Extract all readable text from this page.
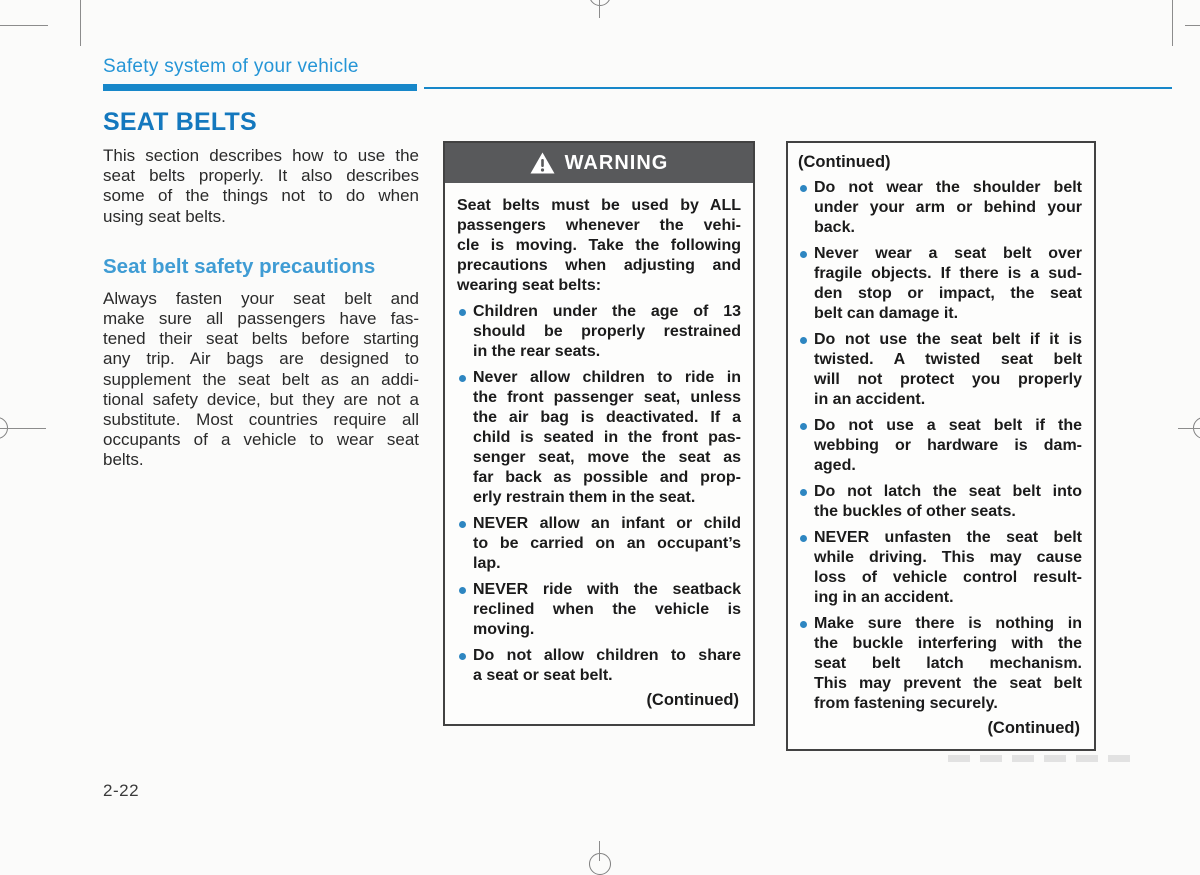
Safety system of your vehicle
SEAT BELTS
This section describes how to use the
seat belts properly. It also describes
some of the things not to do when
using seat belts.
Seat belt safety precautions
Always fasten your seat belt and
make sure all passengers have fas-
tened their seat belts before starting
any trip. Air bags are designed to
supplement the seat belt as an addi-
tional safety device, but they are not a
substitute. Most countries require all
occupants of a vehicle to wear seat
belts.
WARNING
Seat belts must be used by ALL
passengers whenever the vehi-
cle is moving. Take the following
precautions when adjusting and
wearing seat belts:
Children under the age of 13
should be properly restrained
in the rear seats.
Never allow children to ride in
the front passenger seat, unless
the air bag is deactivated. If a
child is seated in the front pas-
senger seat, move the seat as
far back as possible and prop-
erly restrain them in the seat.
NEVER allow an infant or child
to be carried on an occupant’s
lap.
NEVER ride with the seatback
reclined when the vehicle is
moving.
Do not allow children to share
a seat or seat belt.
(Continued)
(Continued)
Do not wear the shoulder belt
under your arm or behind your
back.
Never wear a seat belt over
fragile objects. If there is a sud-
den stop or impact, the seat
belt can damage it.
Do not use the seat belt if it is
twisted. A twisted seat belt
will not protect you properly
in an accident.
Do not use a seat belt if the
webbing or hardware is dam-
aged.
Do not latch the seat belt into
the buckles of other seats.
NEVER unfasten the seat belt
while driving. This may cause
loss of vehicle control result-
ing in an accident.
Make sure there is nothing in
the buckle interfering with the
seat belt latch mechanism.
This may prevent the seat belt
from fastening securely.
(Continued)
2-22
